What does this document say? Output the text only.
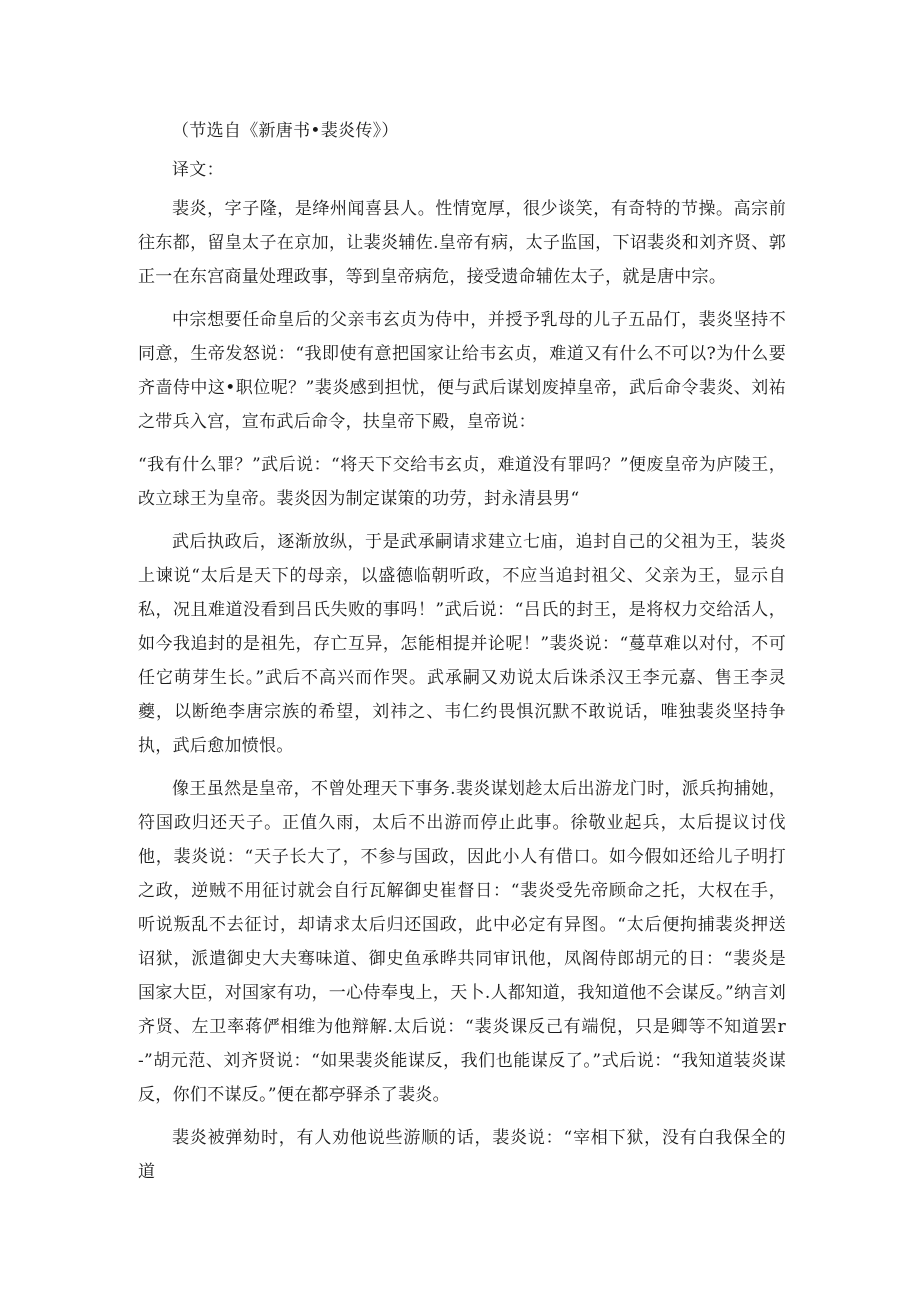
（节选自《新唐书•裴炎传》）

译文：

裴炎，字子隆，是绛州闻喜县人。性情宽厚，很少谈笑，有奇特的节操。高宗前往东都，留皇太子在京加，让裴炎辅佐.皇帝有病，太子监国，下诏裴炎和刘齐贤、郭正一在东宫商量处理政事，等到皇帝病危，接受遗命辅佐太子，就是唐中宗。

中宗想要任命皇后的父亲韦玄贞为侍中，并授予乳母的儿子五品仃，裴炎坚持不同意，生帝发怒说：“我即使有意把国家让给韦玄贞，难道又有什么不可以?为什么要齐啬侍中这•职位呢？”裴炎感到担忧，便与武后谋划废掉皇帝，武后命令裴炎、刘祐之带兵入宫，宣布武后命令，扶皇帝下殿，皇帝说：

“我有什么罪？”武后说：“将天下交给韦玄贞，难道没有罪吗？”便废皇帝为庐陵王，改立球王为皇帝。裴炎因为制定谋策的功劳，封永清县男“

武后执政后，逐渐放纵，于是武承嗣请求建立七庙，追封自己的父祖为王，装炎上谏说“太后是天下的母亲，以盛德临朝听政，不应当追封祖父、父亲为王，显示自私，况且难道没看到吕氏失败的事吗！”武后说：“吕氏的封王，是将权力交给活人，如今我追封的是祖先，存亡互异，怎能相提并论呢！”裴炎说：“蔓草难以对付，不可任它萌芽生长。”武后不高兴而作哭。武承嗣又劝说太后诛杀汉王李元嘉、售王李灵夔，以断绝李唐宗族的希望，刘祎之、韦仁约畏惧沉默不敢说话，唯独裴炎坚持争执，武后愈加愤恨。

像王虽然是皇帝，不曾处理天下事务.裴炎谋划趁太后出游龙门时，派兵拘捕她，符国政归还天子。正值久雨，太后不出游而停止此事。徐敬业起兵，太后提议讨伐他，裴炎说：“天子长大了，不参与国政，因此小人有借口。如今假如还给儿子明打之政，逆贼不用征讨就会自行瓦解御史崔督日：“裴炎受先帝顾命之托，大权在手，听说叛乱不去征讨，却请求太后归还国政，此中必定有异图。“太后便拘捕裴炎押送诏狱，派遣御史大夫骞味道、御史鱼承晔共同审讯他，凤阁侍郎胡元的日：“裴炎是国家大臣，对国家有功，一心侍奉曳上，天卜.人都知道，我知道他不会谋反。”纳言刘齐贤、左卫率蒋俨相维为他辩解.太后说：“裴炎课反己有端倪，只是卿等不知道罢r-”胡元范、刘齐贤说：“如果裴炎能谋反，我们也能谋反了。”式后说：“我知道装炎谋反，你们不谋反。”便在都亭驿杀了裴炎。

裴炎被弹劾时，有人劝他说些游顺的话，裴炎说：“宰相下狱，没有白我保全的道
